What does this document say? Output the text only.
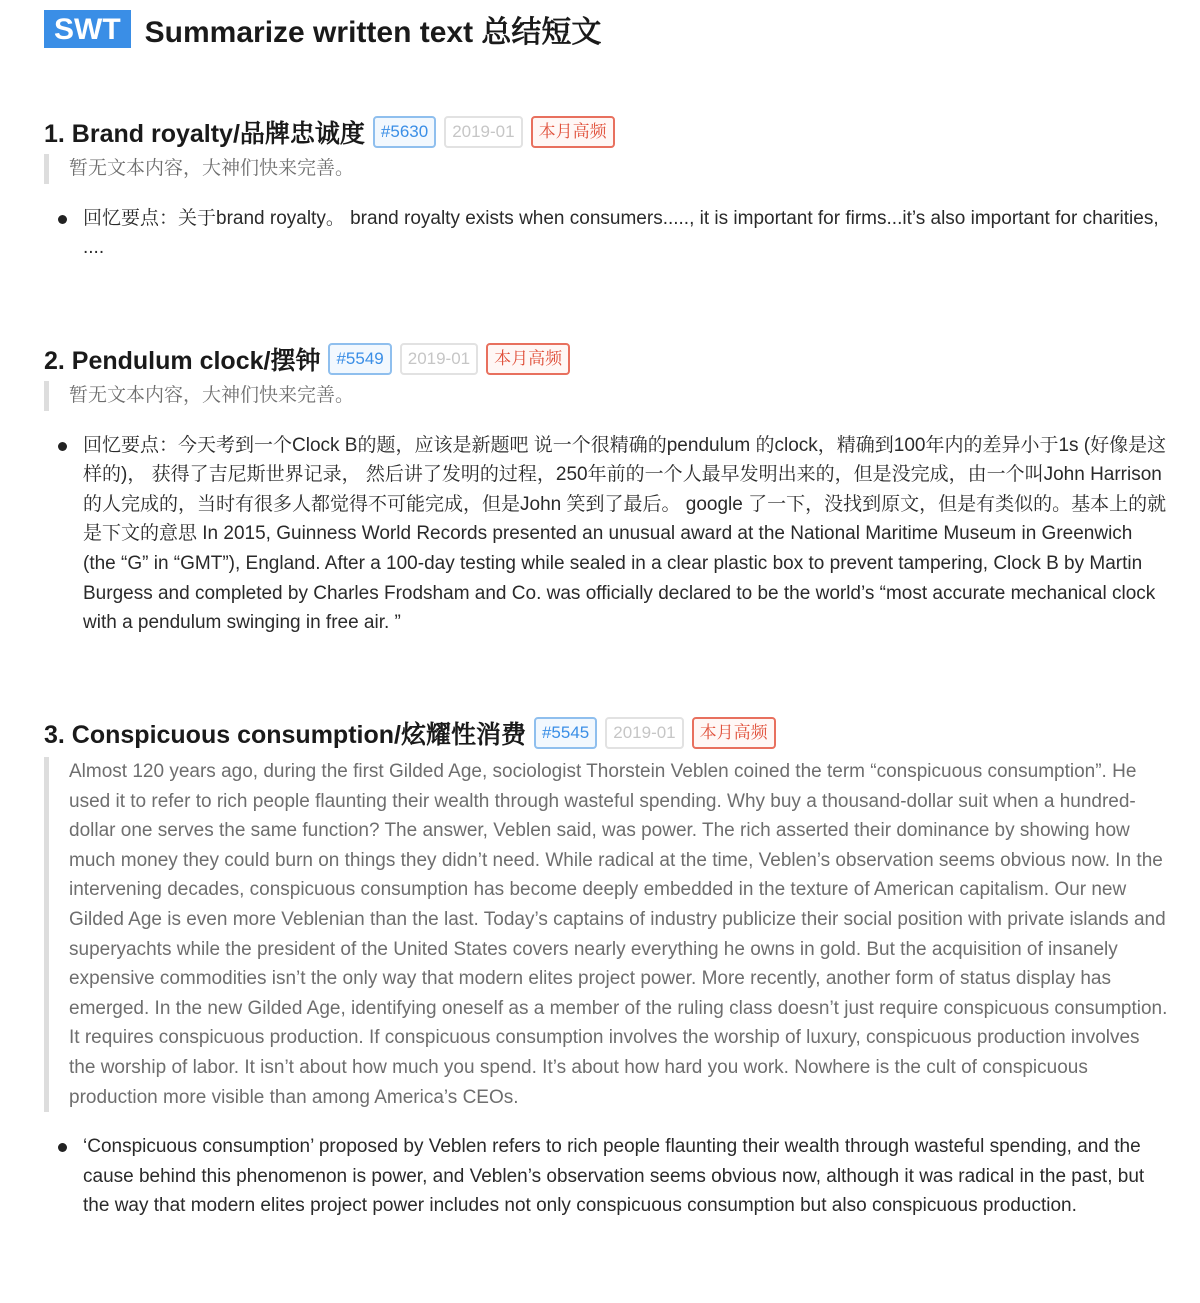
SWT Summarize written text 总结短文
1. Brand royalty/品牌忠诚度 #5630	2019-01	本月高频
暂无文本内容，大神们快来完善。
回忆要点：关于brand royalty。 brand royalty exists when consumers....., it is important for firms...it’s also important for charities, ....
2. Pendulum clock/摆钟 #5549	2019-01	本月高频
暂无文本内容，大神们快来完善。
回忆要点：今天考到一个Clock B的题，应该是新题吧 说一个很精确的pendulum 的clock，精确到100年内的差异小于1s (好像是这样的)， 获得了吉尼斯世界记录， 然后讲了发明的过程，250年前的一个人最早发明出来的，但是没完成，由一个叫John Harrison的人完成的，当时有很多人都觉得不可能完成，但是John 笑到了最后。 google 了一下，没找到原文，但是有类似的。基本上的就是下文的意思 In 2015, Guinness World Records presented an unusual award at the National Maritime Museum in Greenwich (the “G” in “GMT”), England. After a 100-day testing while sealed in a clear plastic box to prevent tampering, Clock B by Martin Burgess and completed by Charles Frodsham and Co. was officially declared to be the world’s “most accurate mechanical clock with a pendulum swinging in free air. ”
3. Conspicuous consumption/炫耀性消费 #5545	2019-01	本月高频
Almost 120 years ago, during the first Gilded Age, sociologist Thorstein Veblen coined the term “conspicuous consumption”. He used it to refer to rich people flaunting their wealth through wasteful spending. Why buy a thousand-dollar suit when a hundred-dollar one serves the same function? The answer, Veblen said, was power. The rich asserted their dominance by showing how much money they could burn on things they didn’t need. While radical at the time, Veblen’s observation seems obvious now. In the intervening decades, conspicuous consumption has become deeply embedded in the texture of American capitalism. Our new Gilded Age is even more Veblenian than the last. Today’s captains of industry publicize their social position with private islands and superyachts while the president of the United States covers nearly everything he owns in gold. But the acquisition of insanely expensive commodities isn’t the only way that modern elites project power. More recently, another form of status display has emerged. In the new Gilded Age, identifying oneself as a member of the ruling class doesn’t just require conspicuous consumption. It requires conspicuous production. If conspicuous consumption involves the worship of luxury, conspicuous production involves the worship of labor. It isn’t about how much you spend. It’s about how hard you work. Nowhere is the cult of conspicuous production more visible than among America’s CEOs.
‘Conspicuous consumption’ proposed by Veblen refers to rich people flaunting their wealth through wasteful spending, and the cause behind this phenomenon is power, and Veblen’s observation seems obvious now, although it was radical in the past, but the way that modern elites project power includes not only conspicuous consumption but also conspicuous production.
